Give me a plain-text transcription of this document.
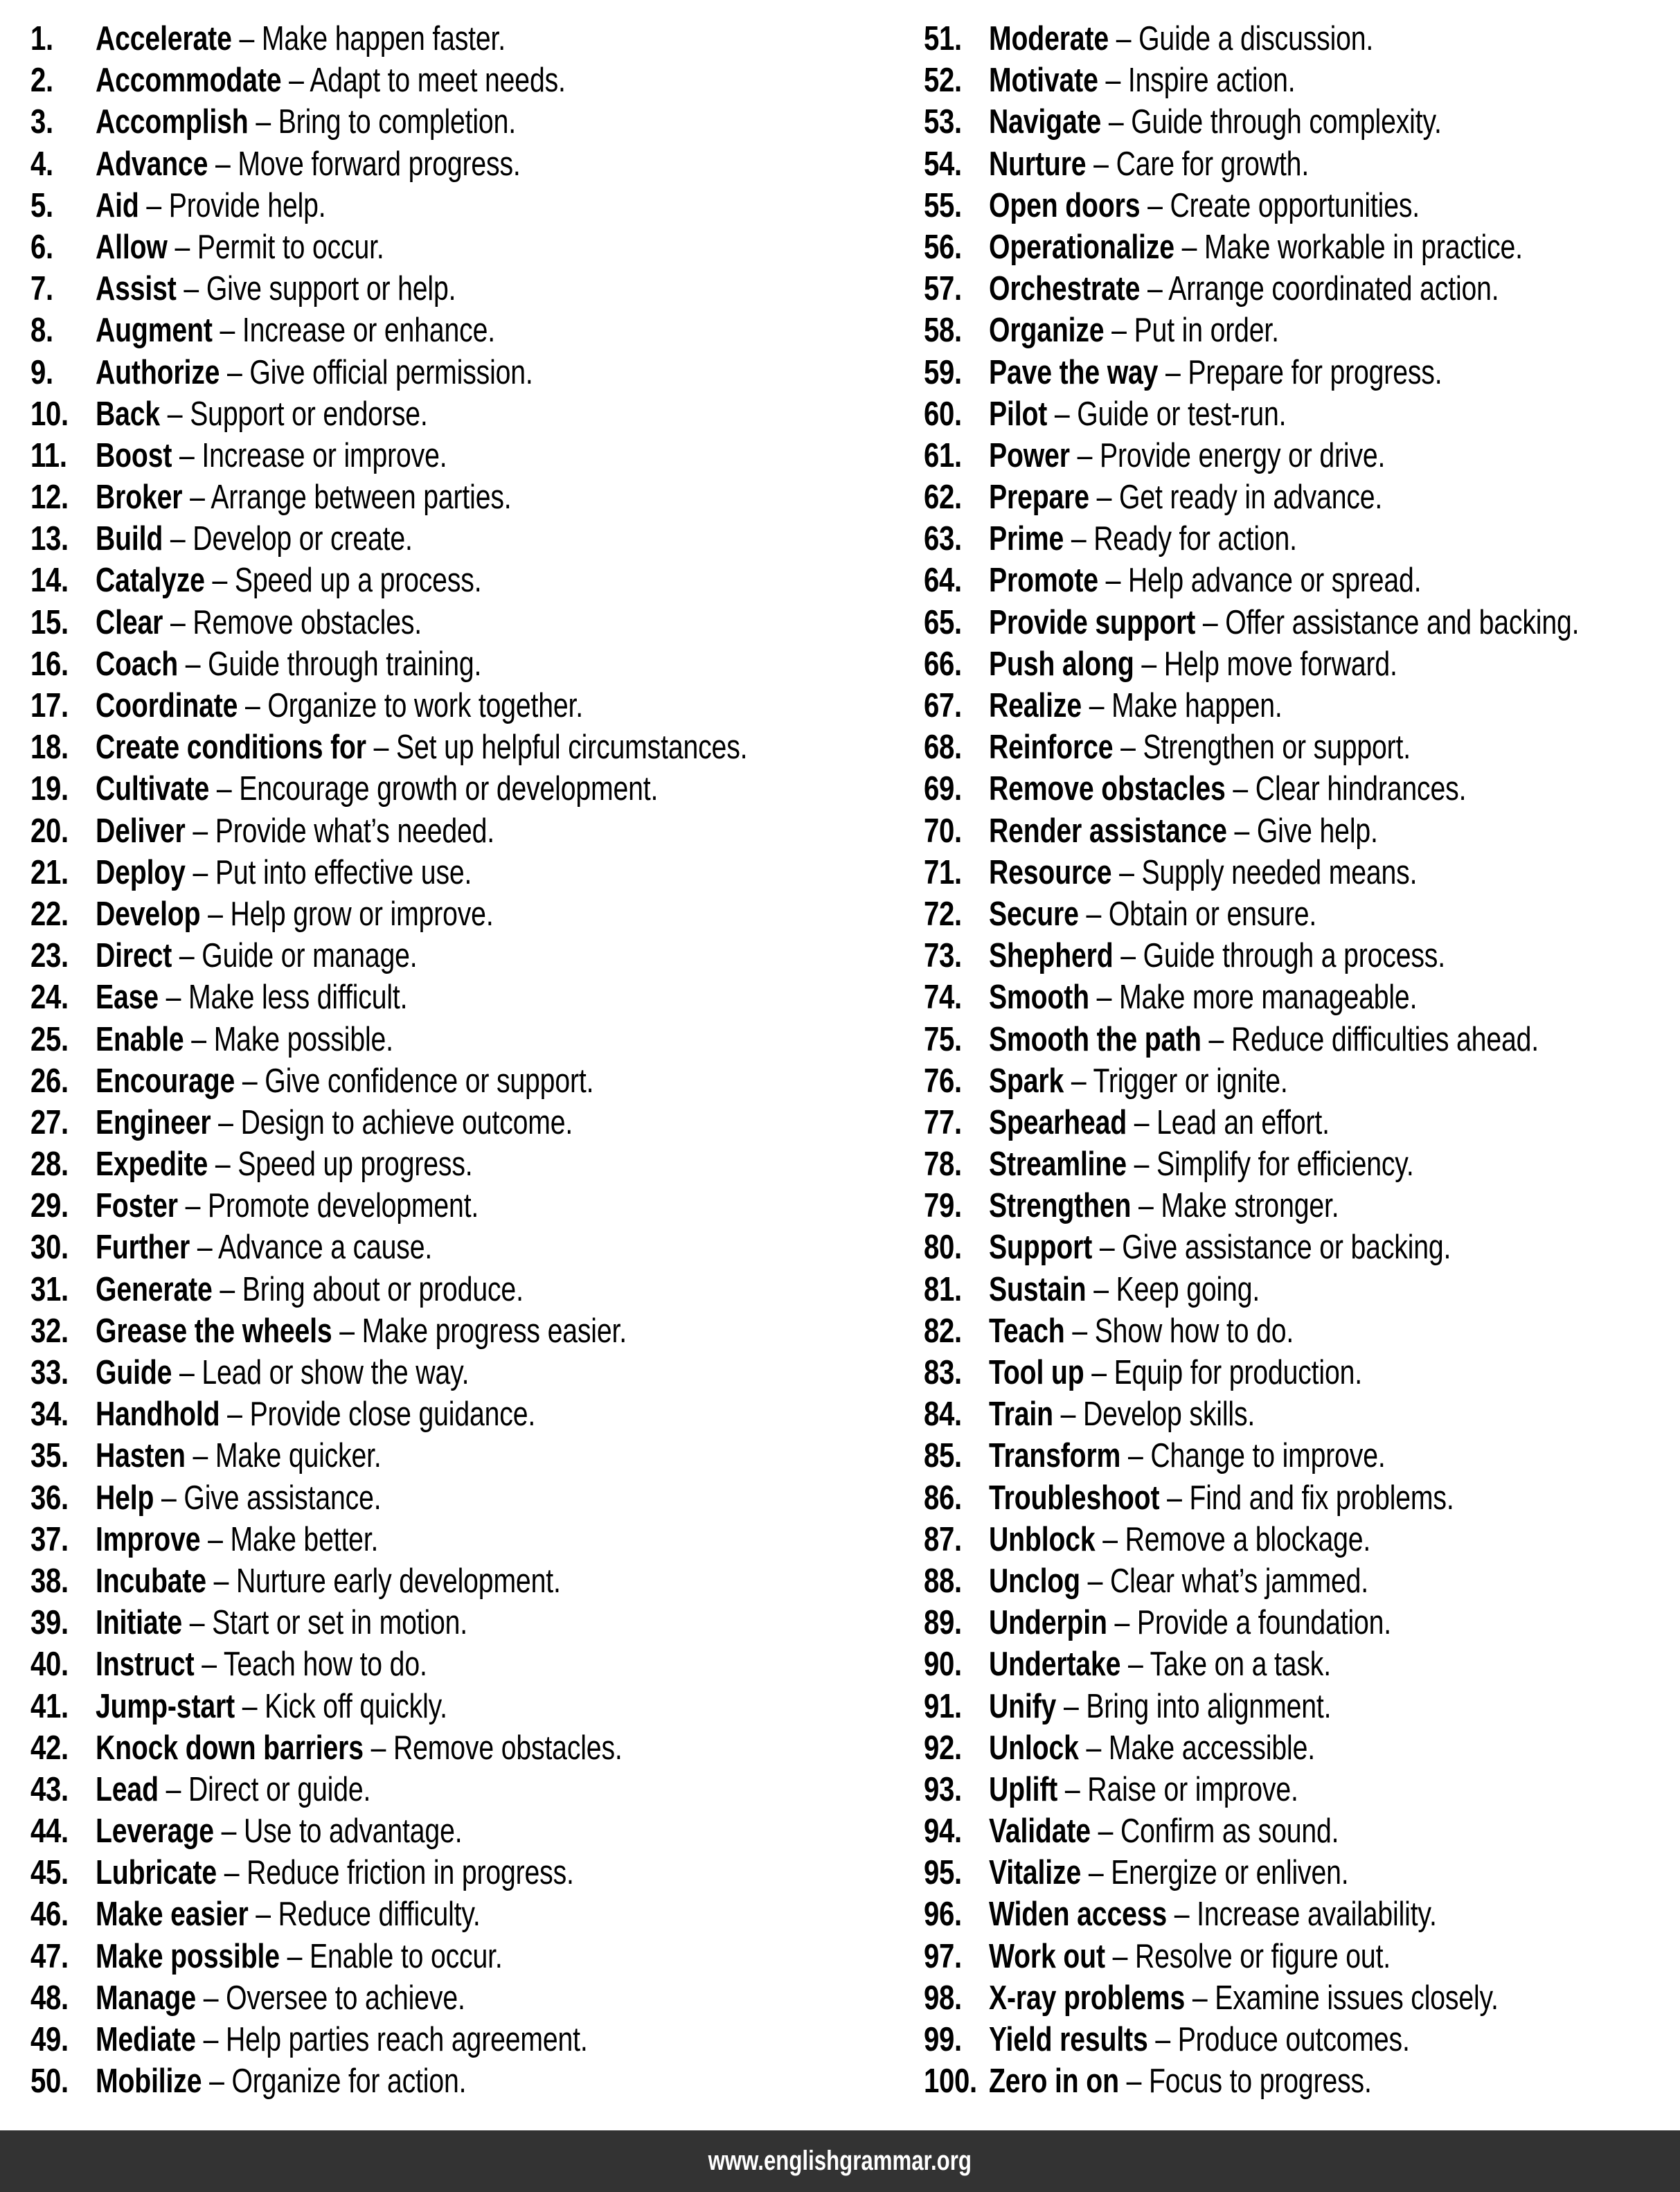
1.	Accelerate – Make happen faster.
2.	Accommodate – Adapt to meet needs.
3.	Accomplish – Bring to completion.
4.	Advance – Move forward progress.
5.	Aid – Provide help.
6.	Allow – Permit to occur.
7.	Assist – Give support or help.
8.	Augment – Increase or enhance.
9.	Authorize – Give official permission.
10. Back – Support or endorse.
11. Boost – Increase or improve.
12. Broker – Arrange between parties.
13. Build – Develop or create.
14. Catalyze – Speed up a process.
15. Clear – Remove obstacles.
16. Coach – Guide through training.
17. Coordinate – Organize to work together.
18. Create conditions for – Set up helpful circumstances.
19. Cultivate – Encourage growth or development.
20. Deliver – Provide what’s needed.
21. Deploy – Put into effective use.
22. Develop – Help grow or improve.
23. Direct – Guide or manage.
24. Ease – Make less difficult.
25. Enable – Make possible.
26. Encourage – Give confidence or support.
27. Engineer – Design to achieve outcome.
28. Expedite – Speed up progress.
29. Foster – Promote development.
30. Further – Advance a cause.
31. Generate – Bring about or produce.
32. Grease the wheels – Make progress easier.
33. Guide – Lead or show the way.
34. Handhold – Provide close guidance.
35. Hasten – Make quicker.
36. Help – Give assistance.
37. Improve – Make better.
38. Incubate – Nurture early development.
39. Initiate – Start or set in motion.
40. Instruct – Teach how to do.
41. Jump-start – Kick off quickly.
42. Knock down barriers – Remove obstacles.
43. Lead – Direct or guide.
44. Leverage – Use to advantage.
45. Lubricate – Reduce friction in progress.
46. Make easier – Reduce difficulty.
47. Make possible – Enable to occur.
48. Manage – Oversee to achieve.
49. Mediate – Help parties reach agreement.
50. Mobilize – Organize for action.
51. Moderate – Guide a discussion.
52. Motivate – Inspire action.
53. Navigate – Guide through complexity.
54. Nurture – Care for growth.
55. Open doors – Create opportunities.
56. Operationalize – Make workable in practice.
57. Orchestrate – Arrange coordinated action.
58. Organize – Put in order.
59. Pave the way – Prepare for progress.
60. Pilot – Guide or test-run.
61. Power – Provide energy or drive.
62. Prepare – Get ready in advance.
63. Prime – Ready for action.
64. Promote – Help advance or spread.
65. Provide support – Offer assistance and backing.
66. Push along – Help move forward.
67. Realize – Make happen.
68. Reinforce – Strengthen or support.
69. Remove obstacles – Clear hindrances.
70. Render assistance – Give help.
71. Resource – Supply needed means.
72. Secure – Obtain or ensure.
73. Shepherd – Guide through a process.
74. Smooth – Make more manageable.
75. Smooth the path – Reduce difficulties ahead.
76. Spark – Trigger or ignite.
77. Spearhead – Lead an effort.
78. Streamline – Simplify for efficiency.
79. Strengthen – Make stronger.
80. Support – Give assistance or backing.
81. Sustain – Keep going.
82. Teach – Show how to do.
83. Tool up – Equip for production.
84. Train – Develop skills.
85. Transform – Change to improve.
86. Troubleshoot – Find and fix problems.
87. Unblock – Remove a blockage.
88. Unclog – Clear what’s jammed.
89. Underpin – Provide a foundation.
90. Undertake – Take on a task.
91. Unify – Bring into alignment.
92. Unlock – Make accessible.
93. Uplift – Raise or improve.
94. Validate – Confirm as sound.
95. Vitalize – Energize or enliven.
96. Widen access – Increase availability.
97. Work out – Resolve or figure out.
98. X-ray problems – Examine issues closely.
99. Yield results – Produce outcomes.
100. Zero in on – Focus to progress.
www.englishgrammar.org
